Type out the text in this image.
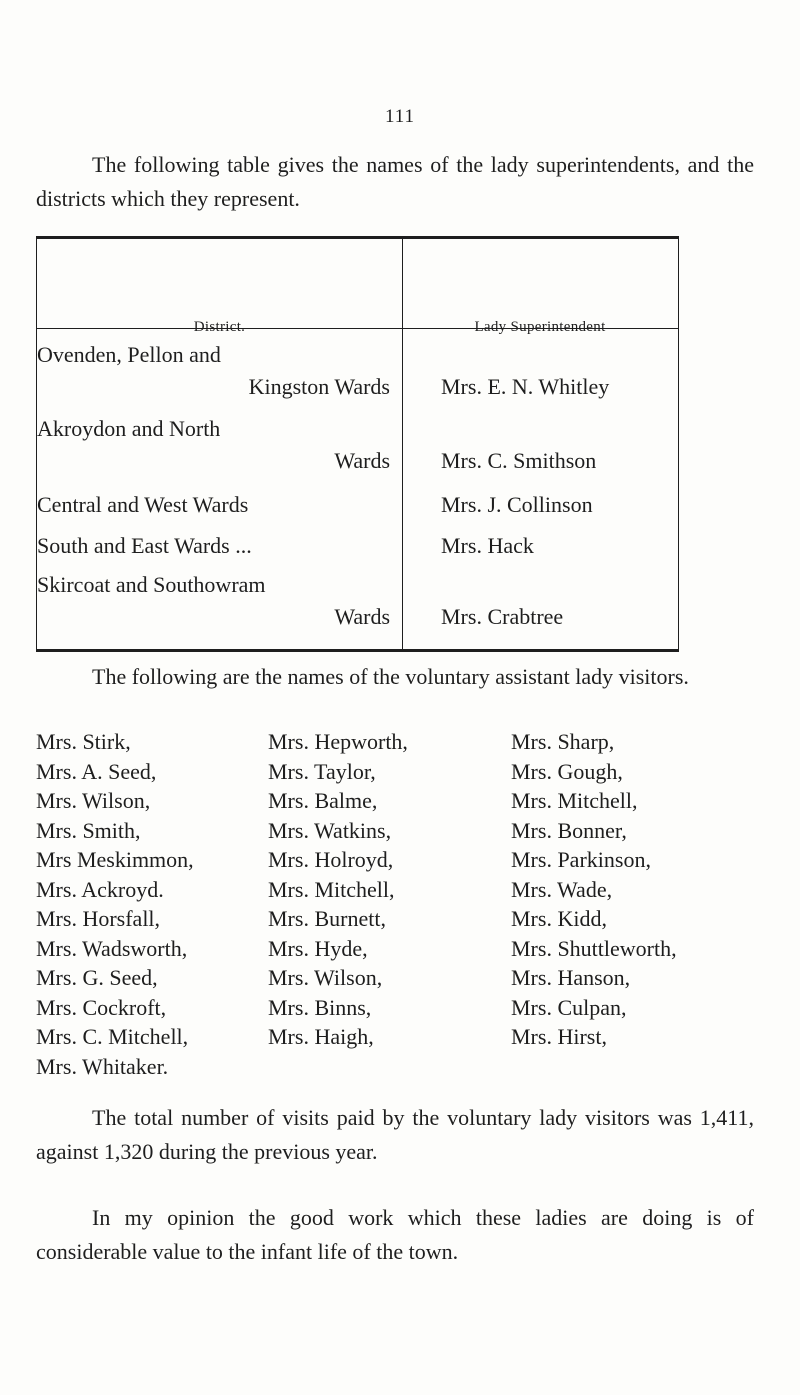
111

The following table gives the names of the lady superintendents, and the districts which they represent.

District.	Lady Superintendent
Ovenden, Pellon and
Kingston Wards Mrs. E. N. Whitley
Akroydon and North
Wards Mrs. C. Smithson
Central and West Wards	Mrs. J. Collinson
South and East Wards ...	Mrs. Hack
Skircoat and Southowram
Wards Mrs. Crabtree

The following are the names of the voluntary assistant lady visitors.

Mrs. Stirk,
Mrs. A. Seed,
Mrs. Wilson,
Mrs. Smith,
Mrs Meskimmon,
Mrs. Ackroyd.
Mrs. Horsfall,
Mrs. Wadsworth,
Mrs. G. Seed,
Mrs. Cockroft,
Mrs. C. Mitchell,
Mrs. Whitaker.
Mrs. Hepworth,
Mrs. Taylor,
Mrs. Balme,
Mrs. Watkins,
Mrs. Holroyd,
Mrs. Mitchell,
Mrs. Burnett,
Mrs. Hyde,
Mrs. Wilson,
Mrs. Binns,
Mrs. Haigh,
Mrs. Sharp,
Mrs. Gough,
Mrs. Mitchell,
Mrs. Bonner,
Mrs. Parkinson,
Mrs. Wade,
Mrs. Kidd,
Mrs. Shuttleworth,
Mrs. Hanson,
Mrs. Culpan,
Mrs. Hirst,

The total number of visits paid by the voluntary lady visitors was 1,411, against 1,320 during the previous year.

In my opinion the good work which these ladies are doing is of considerable value to the infant life of the town.
